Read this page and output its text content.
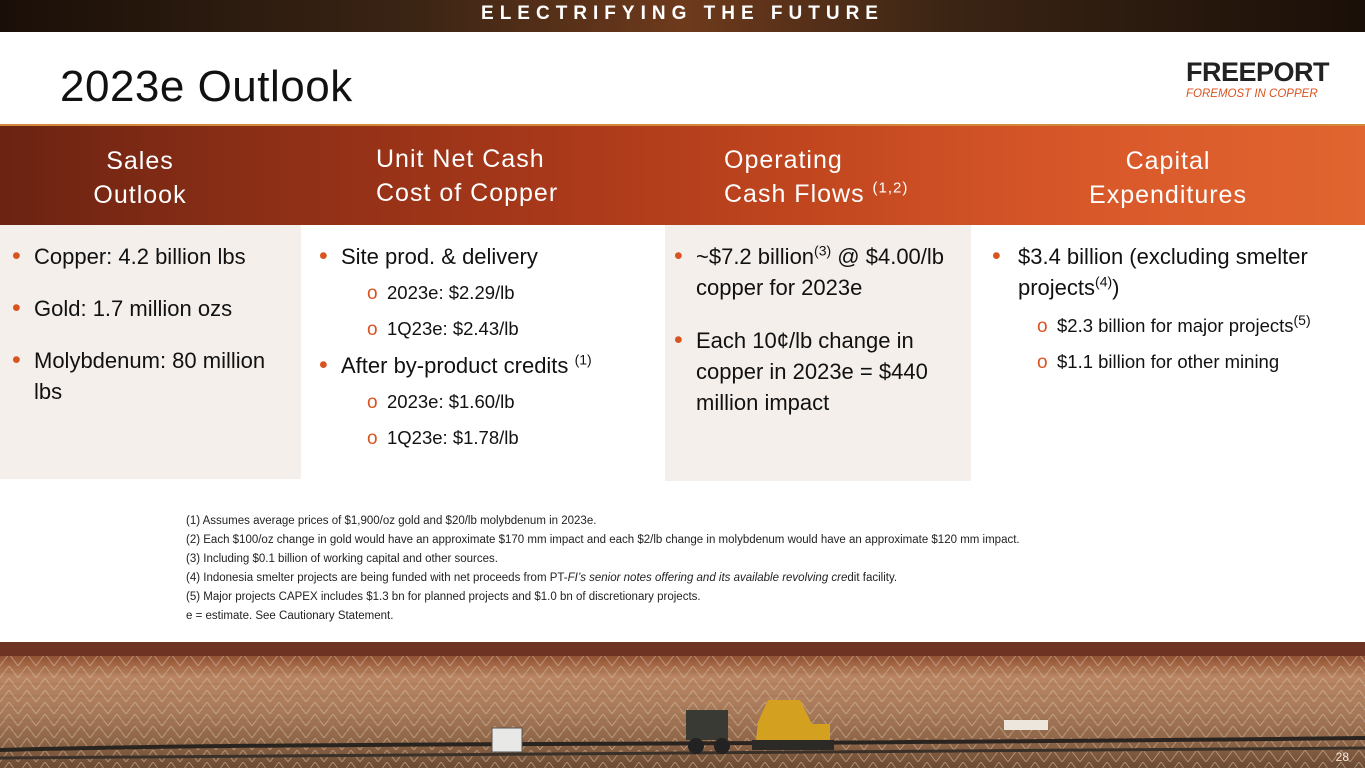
ELECTRIFYING THE FUTURE
2023e Outlook	FREEPORT
FOREMOST IN COPPER
Sales
Outlook
Unit Net Cash
Cost of Copper
Operating
Cash Flows $^{(1,2)}$
Capital
Expenditures
• Copper: 4.2 billion lbs
• Gold: 1.7 million ozs
• Molybdenum: 80 million lbs
• Site prod. & delivery
o 2023e: $2.29/lb
o 1Q23e: $2.43/lb
• After by-product credits $^{(1)}$
o 2023e: $1.60/lb
o 1Q23e: $1.78/lb
• ~$7.2 billion$^{(3)}$ @ $4.00/lb copper for 2023e
• Each 10¢/lb change in copper in 2023e = $440 million impact
• $3.4 billion (excluding smelter projects$^{(4)}$)
o $2.3 billion for major projects$^{(5)}$
o $1.1 billion for other mining
(1) Assumes average prices of $1,900/oz gold and $20/lb molybdenum in 2023e.
(2) Each $100/oz change in gold would have an approximate $170 mm impact and each $2/lb change in molybdenum would have an approximate $120 mm impact.
(3) Including $0.1 billion of working capital and other sources.
(4) Indonesia smelter projects are being funded with net proceeds from PT-FI’s senior notes offering and its available revolving credit facility.
(5) Major projects CAPEX includes $1.3 bn for planned projects and $1.0 bn of discretionary projects.
e = estimate. See Cautionary Statement.
28
